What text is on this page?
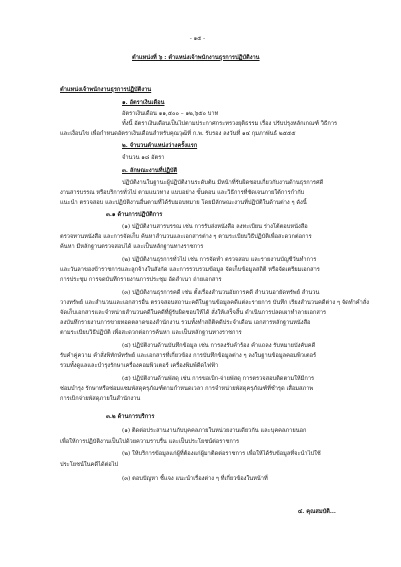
- ๑๕ -
ตำแหน่งที่ ๖ : ตำแหน่งเจ้าพนักงานธุรการปฏิบัติงาน
ตำแหน่งเจ้าพนักงานธุรการปฏิบัติงาน
๑. อัตราเงินเดือน
อัตราเงินเดือน ๑๑,๕๐๐ – ๑๒,๖๕๐ บาท
ทั้งนี้ อัตราเงินเดือนเป็นไปตามประกาศกระทรวงยุติธรรม เรื่อง ปรับปรุงหลักเกณฑ์ วิธีการ
และเงื่อนไข เพื่อกำหนดอัตราเงินเดือนสำหรับคุณวุฒิที่ ก.พ. รับรอง ลงวันที่ ๑๔ กุมภาพันธ์ ๒๕๕๕
๒. จำนวนตำแหน่งว่างครั้งแรก
จำนวน ๑๘ อัตรา
๓. ลักษณะงานที่ปฏิบัติ
ปฏิบัติงานในฐานะผู้ปฏิบัติงานระดับต้น มีหน้าที่รับผิดชอบเกี่ยวกับงานด้านธุรการศดี
งานสารบรรณ หรือบริการทั่วไป ตามแนวทาง แบบอย่าง ขั้นตอน และวิธีการที่ชัดเจนภายใต้การกำกับ
แนะนำ ตรวจสอบ และปฏิบัติงานอื่นตามที่ได้รับมอบหมาย โดยมีลักษณะงานที่ปฏิบัติในด้านต่าง ๆ ดังนี้
๓.๑ ด้านการปฏิบัติการ
(๑) ปฏิบัติงานสารบรรณ เช่น การรับส่งหนังสือ ลงทะเบียน ร่างโต้ตอบหนังสือ
ตรวจทานหนังสือ และการจัดเก็บ ค้นหาสำนวนและเอกสารต่าง ๆ ตามระเบียบวิธีปฏิบัติเพื่อสะดวกต่อการ
ค้นหา มีหลักฐานตรวจสอบได้ และเป็นหลักฐานทางราชการ
(๒) ปฏิบัติงานธุรการทั่วไป เช่น การจัดทำ ตรวจสอบ และรายงานบัญชีวันทำการ
และวันลาของข้าราชการและลูกจ้างในสังกัด และการรวบรวมข้อมูล จัดเก็บข้อมูลสถิติ หรือจัดเตรียมเอกสาร
การประชุม การจดบันทึกรายงานการประชุม อัดสำเนา ถ่ายเอกสาร
(๓) ปฏิบัติงานธุรการคดี เช่น ตั้งเรื่องสำนวนอัยการคดี สำนวนอายัดทรัพย์ สำนวน
วางทรัพย์ และสำนวนและเอกสารอื่น ตรวจสอบสถานะคดีในฐานข้อมูลคดีแต่ละรายการ บันทึก เรียงสำนวนคดีต่าง ๆ จัดทำคำสั่ง
จัดเก็บเอกสารและจำหน่ายสำนวนคดีในคดีที่ผู้รับผิดชอบให้ได้ สั่งให้เสร็จสิ้น ดำเนินการปลดเผาทำลายเอกสาร
ลงบันทึกรายงานการขายทอดตลาดของสำนักงาน รวมทั้งทำสถิติคดีประจำเดือน เอกสารหลักฐานหนังสือ
ตามระเบียบวิธีปฏิบัติ เพื่อสะดวกต่อการค้นหา และเป็นหลักฐานทางราชการ
(๔) ปฏิบัติงานด้านบันทึกข้อมูล เช่น การลงรับคำร้อง คำแถลง รับหมายบังคับคดี
รับคำคู่ความ คำสั่งพิทักษ์ทรัพย์ และเอกสารที่เกี่ยวข้อง การบันทึกข้อมูลต่าง ๆ ลงในฐานข้อมูลคอมพิวเตอร์
รวมทั้งดูแลและบำรุงรักษาเครื่องคอมพิวเตอร์ เครื่องพิมพ์ดีดไฟฟ้า
(๕) ปฏิบัติงานด้านพัสดุ เช่น การขอเบิก-จ่ายพัสดุ การตรวจสอบติดตามให้มีการ
ซ่อมบำรุง รักษาหรือซ่อมแซมพัสดุครุภัณฑ์ตามกำหนดเวลา การจำหน่ายพัสดุครุภัณฑ์ที่ชำรุด เสื่อมสภาพ
การเบิกจ่ายพัสดุภายในสำนักงาน
๓.๒ ด้านการบริการ
(๑) ติดต่อประสานงานกับบุคคลภายในหน่วยงานเดียวกัน และบุคคลภายนอก
เพื่อให้การปฏิบัติงานเป็นไปด้วยความราบรื่น และเป็นประโยชน์ต่อราชการ
(๒) ให้บริการข้อมูลแก่ผู้ที่ต้องแก่ผู้มาติดต่อราชการ เพื่อให้ได้รับข้อมูลที่จะนำไปใช้
ประโยชน์ในคดีได้ต่อไป
(๓) ตอบปัญหา ชี้แจง แนะนำเรื่องต่าง ๆ ที่เกี่ยวข้องในหน้าที่
๔. คุณสมบัติ...
